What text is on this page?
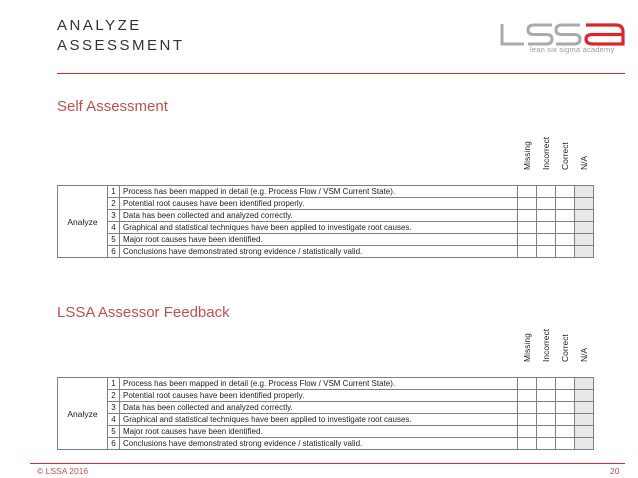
ANALYZE
ASSESSMENT	lean six sigma academy
Self Assessment
Missing Incorrect Correct N/A
Analyze	1	Process has been mapped in detail (e.g. Process Flow / VSM Current State).				
	2	Potential root causes have been identified properly.				
	3	Data has been collected and analyzed correctly.				
	4	Graphical and statistical techniques have been applied to investigate root causes.				
	5	Major root causes have been identified.				
	6	Conclusions have demonstrated strong evidence / statistically valid.				
LSSA Assessor Feedback
Missing Incorrect Correct N/A
Analyze	1	Process has been mapped in detail (e.g. Process Flow / VSM Current State).				
	2	Potential root causes have been identified properly.				
	3	Data has been collected and analyzed correctly.				
	4	Graphical and statistical techniques have been applied to investigate root causes.				
	5	Major root causes have been identified.				
	6	Conclusions have demonstrated strong evidence / statistically valid.				
© LSSA 2016	20
